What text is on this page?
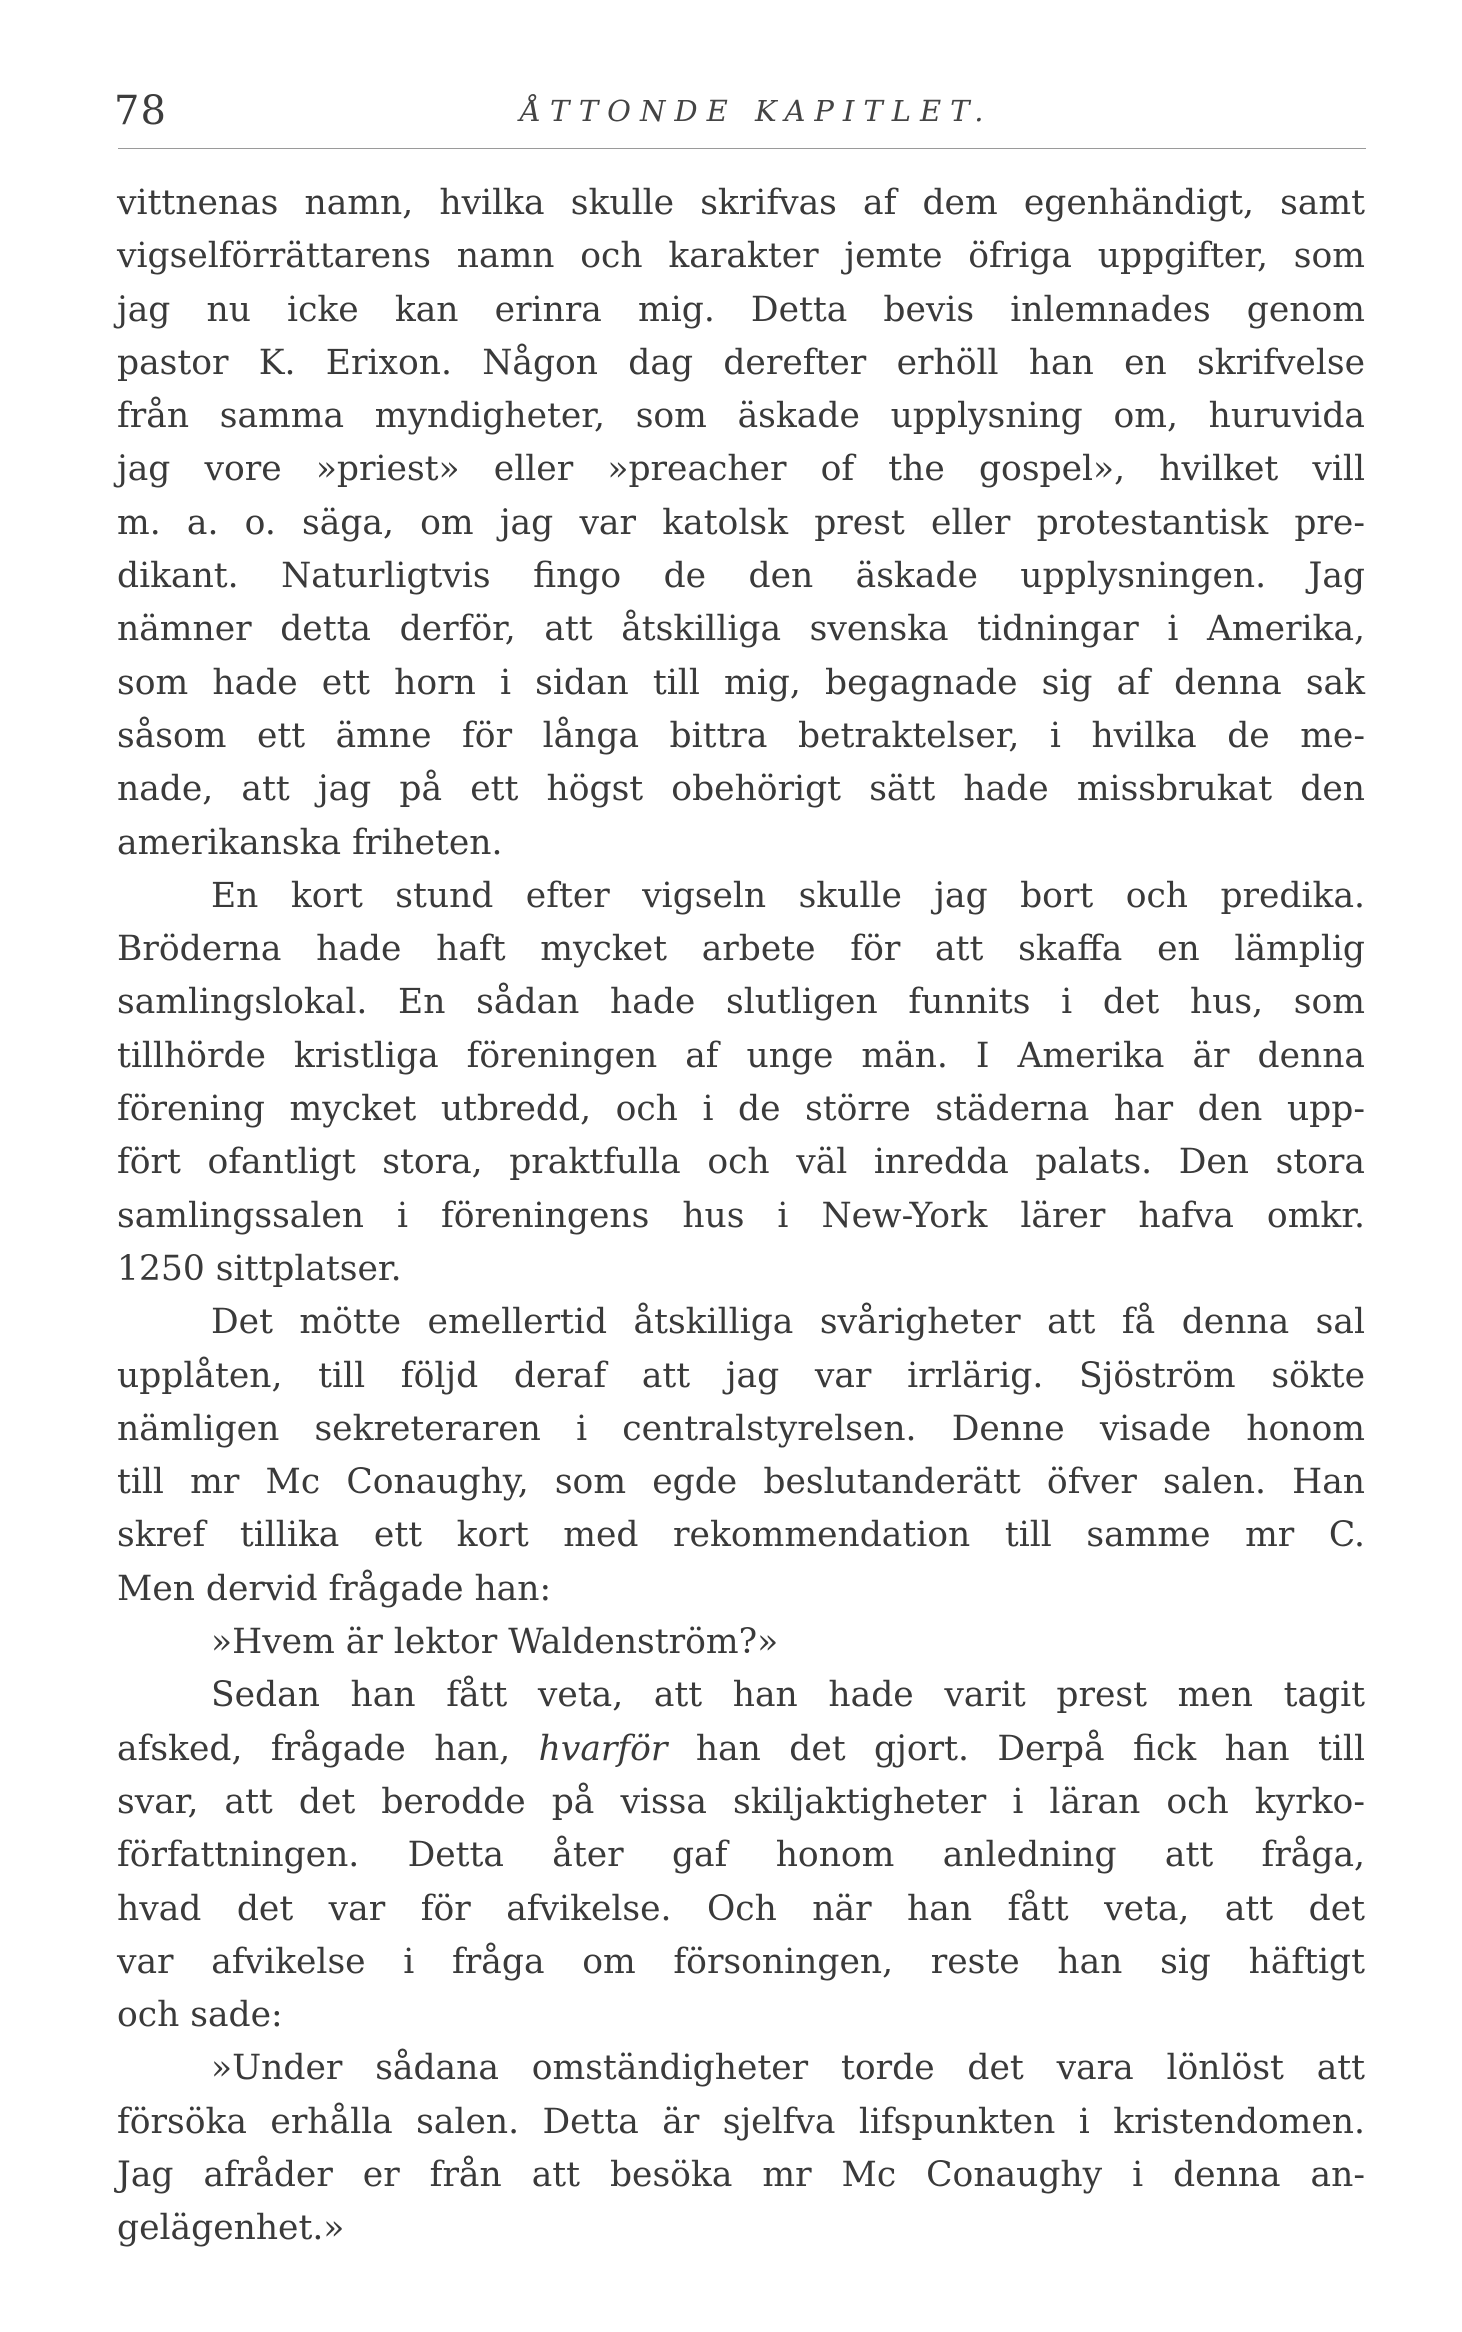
78	ÅTTONDE KAPITLET.
vittnenas namn, hvilka skulle skrifvas af dem egenhändigt, samt
vigselförrättarens namn och karakter jemte öfriga uppgifter, som
jag nu icke kan erinra mig. Detta bevis inlemnades genom
pastor K. Erixon. Någon dag derefter erhöll han en skrifvelse
från samma myndigheter, som äskade upplysning om, huruvida
jag vore »priest» eller »preacher of the gospel», hvilket vill
m. a. o. säga, om jag var katolsk prest eller protestantisk pre-
dikant. Naturligtvis fingo de den äskade upplysningen. Jag
nämner detta derför, att åtskilliga svenska tidningar i Amerika,
som hade ett horn i sidan till mig, begagnade sig af denna sak
såsom ett ämne för långa bittra betraktelser, i hvilka de me-
nade, att jag på ett högst obehörigt sätt hade missbrukat den
amerikanska friheten.
En kort stund efter vigseln skulle jag bort och predika.
Bröderna hade haft mycket arbete för att skaffa en lämplig
samlingslokal. En sådan hade slutligen funnits i det hus, som
tillhörde kristliga föreningen af unge män. I Amerika är denna
förening mycket utbredd, och i de större städerna har den upp-
fört ofantligt stora, praktfulla och väl inredda palats. Den stora
samlingssalen i föreningens hus i New-York lärer hafva omkr.
1250 sittplatser.
Det mötte emellertid åtskilliga svårigheter att få denna sal
upplåten, till följd deraf att jag var irrlärig. Sjöström sökte
nämligen sekreteraren i centralstyrelsen. Denne visade honom
till mr Mc Conaughy, som egde beslutanderätt öfver salen. Han
skref tillika ett kort med rekommendation till samme mr C.
Men dervid frågade han:
»Hvem är lektor Waldenström?»
Sedan han fått veta, att han hade varit prest men tagit
afsked, frågade han, hvarför han det gjort. Derpå fick han till
svar, att det berodde på vissa skiljaktigheter i läran och kyrko-
författningen. Detta åter gaf honom anledning att fråga,
hvad det var för afvikelse. Och när han fått veta, att det
var afvikelse i fråga om försoningen, reste han sig häftigt
och sade:
»Under sådana omständigheter torde det vara lönlöst att
försöka erhålla salen. Detta är sjelfva lifspunkten i kristendomen.
Jag afråder er från att besöka mr Mc Conaughy i denna an-
gelägenhet.»
